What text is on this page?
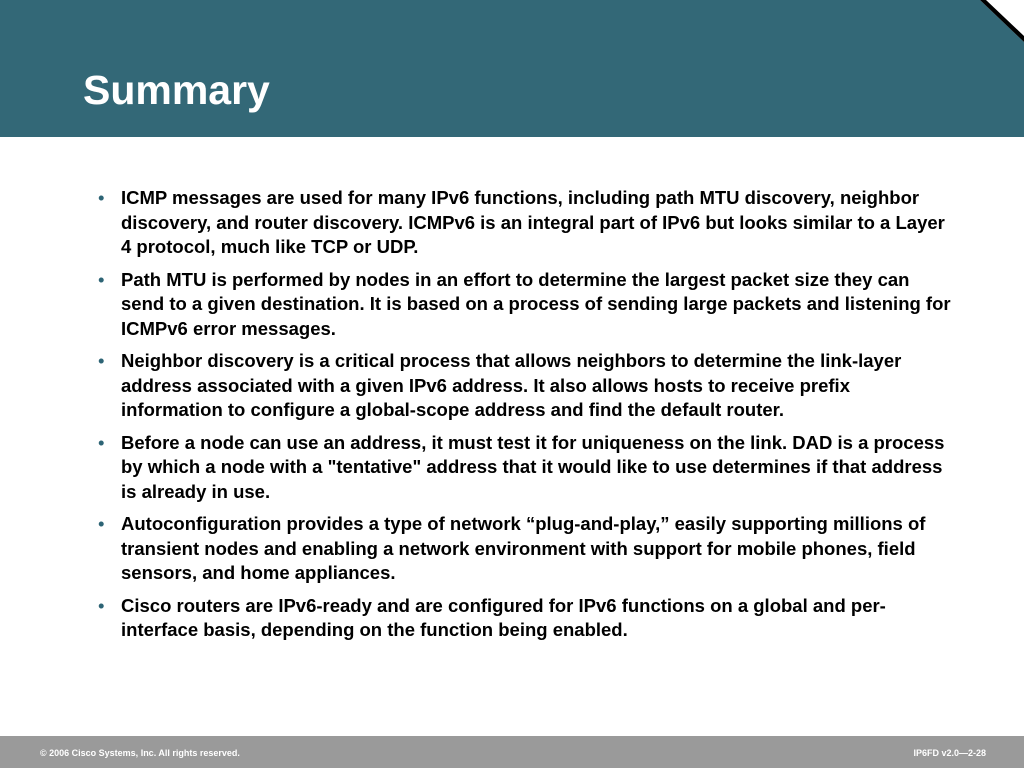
Summary
• ICMP messages are used for many IPv6 functions, including path MTU discovery, neighbor discovery, and router discovery. ICMPv6 is an integral part of IPv6 but looks similar to a Layer 4 protocol, much like TCP or UDP.
• Path MTU is performed by nodes in an effort to determine the largest packet size they can send to a given destination. It is based on a process of sending large packets and listening for ICMPv6 error messages.
• Neighbor discovery is a critical process that allows neighbors to determine the link-layer address associated with a given IPv6 address. It also allows hosts to receive prefix information to configure a global-scope address and find the default router.
• Before a node can use an address, it must test it for uniqueness on the link. DAD is a process by which a node with a "tentative" address that it would like to use determines if that address is already in use.
• Autoconfiguration provides a type of network “plug-and-play,” easily supporting millions of transient nodes and enabling a network environment with support for mobile phones, field sensors, and home appliances.
• Cisco routers are IPv6-ready and are configured for IPv6 functions on a global and per-interface basis, depending on the function being enabled.
© 2006 Cisco Systems, Inc. All rights reserved.	IP6FD v2.0—2-28
